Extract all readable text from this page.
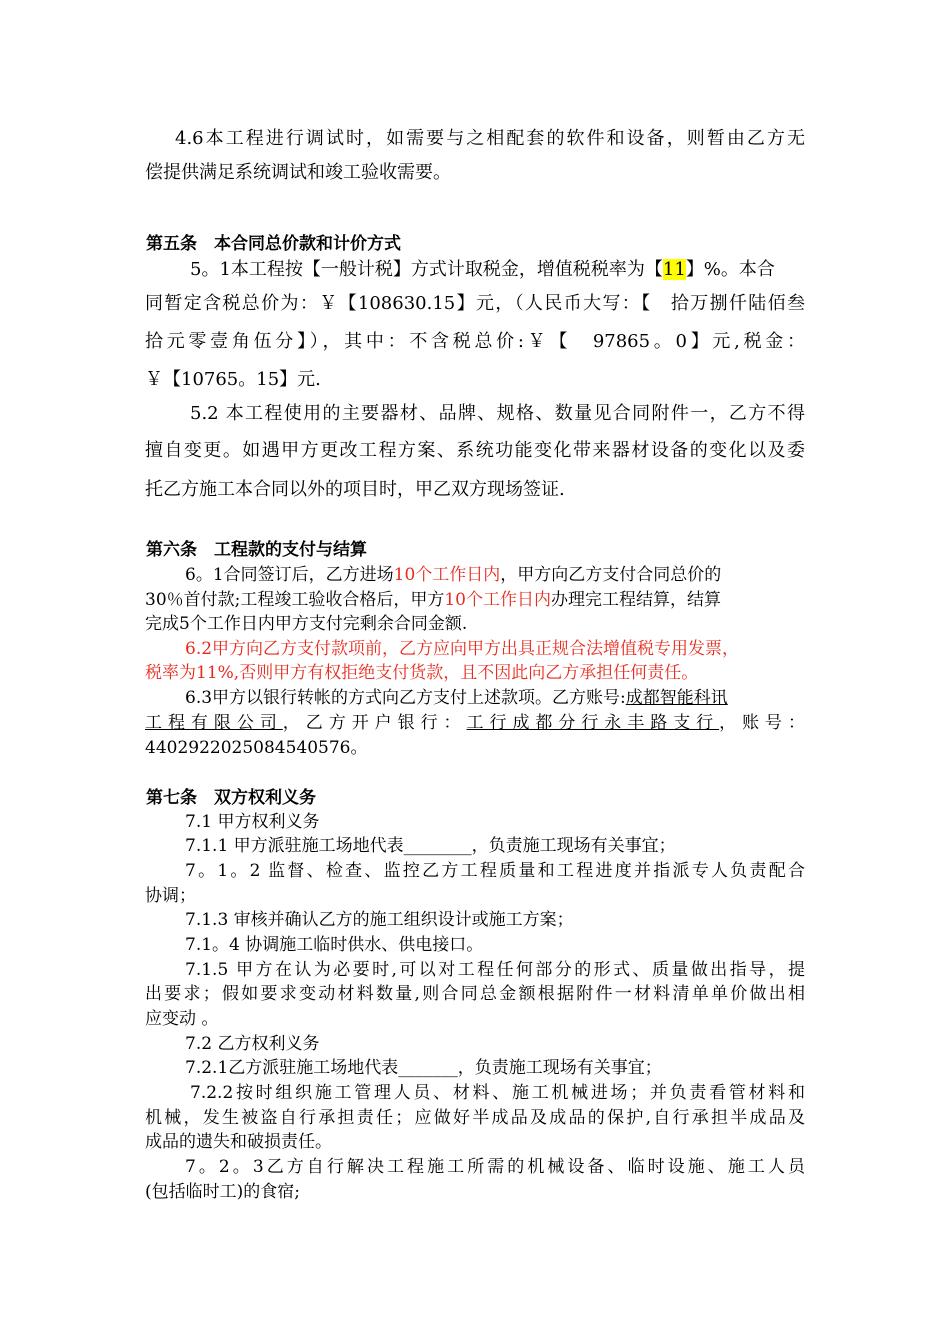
4.6本工程进行调试时，如需要与之相配套的软件和设备，则暂由乙方无
偿提供满足系统调试和竣工验收需要。
第五条　本合同总价款和计价方式
5。1本工程按【一般计税】方式计取税金，增值税税率为【11】%。本合
同暂定含税总价为：￥【108630.15】元，（人民币大写：【　拾万捌仟陆佰叁
拾元零壹角伍分】），其中：不含税总价:￥【　97865。0】元,税金：
￥【10765。15】元.
5.2 本工程使用的主要器材、品牌、规格、数量见合同附件一，乙方不得
擅自变更。如遇甲方更改工程方案、系统功能变化带来器材设备的变化以及委
托乙方施工本合同以外的项目时，甲乙双方现场签证.
第六条　工程款的支付与结算
6。1合同签订后，乙方进场10个工作日内，甲方向乙方支付合同总价的
30％首付款;工程竣工验收合格后，甲方10个工作日内办理完工程结算，结算
完成5个工作日内甲方支付完剩余合同金额.
6.2甲方向乙方支付款项前，乙方应向甲方出具正规合法增值税专用发票，
税率为11%,否则甲方有权拒绝支付货款，且不因此向乙方承担任何责任。
6.3甲方以银行转帐的方式向乙方支付上述款项。乙方账号:成都智能科讯
工程有限公司，乙方开户银行：工行成都分行永丰路支行，账号：
4402922025084540576。
第七条　双方权利义务
7.1 甲方权利义务
7.1.1 甲方派驻施工场地代表________，负责施工现场有关事宜；
7。1。2 监督、检查、监控乙方工程质量和工程进度并指派专人负责配合
协调；
7.1.3 审核并确认乙方的施工组织设计或施工方案；
7.1。4 协调施工临时供水、供电接口。
7.1.5 甲方在认为必要时,可以对工程任何部分的形式、质量做出指导，提
出要求；假如要求变动材料数量,则合同总金额根据附件一材料清单单价做出相
应变动 。
7.2 乙方权利义务
7.2.1乙方派驻施工场地代表_______，负责施工现场有关事宜；
7.2.2按时组织施工管理人员、材料、施工机械进场；并负责看管材料和
机械，发生被盗自行承担责任；应做好半成品及成品的保护,自行承担半成品及
成品的遗失和破损责任。
7。2。3乙方自行解决工程施工所需的机械设备、临时设施、施工人员
(包括临时工)的食宿;
